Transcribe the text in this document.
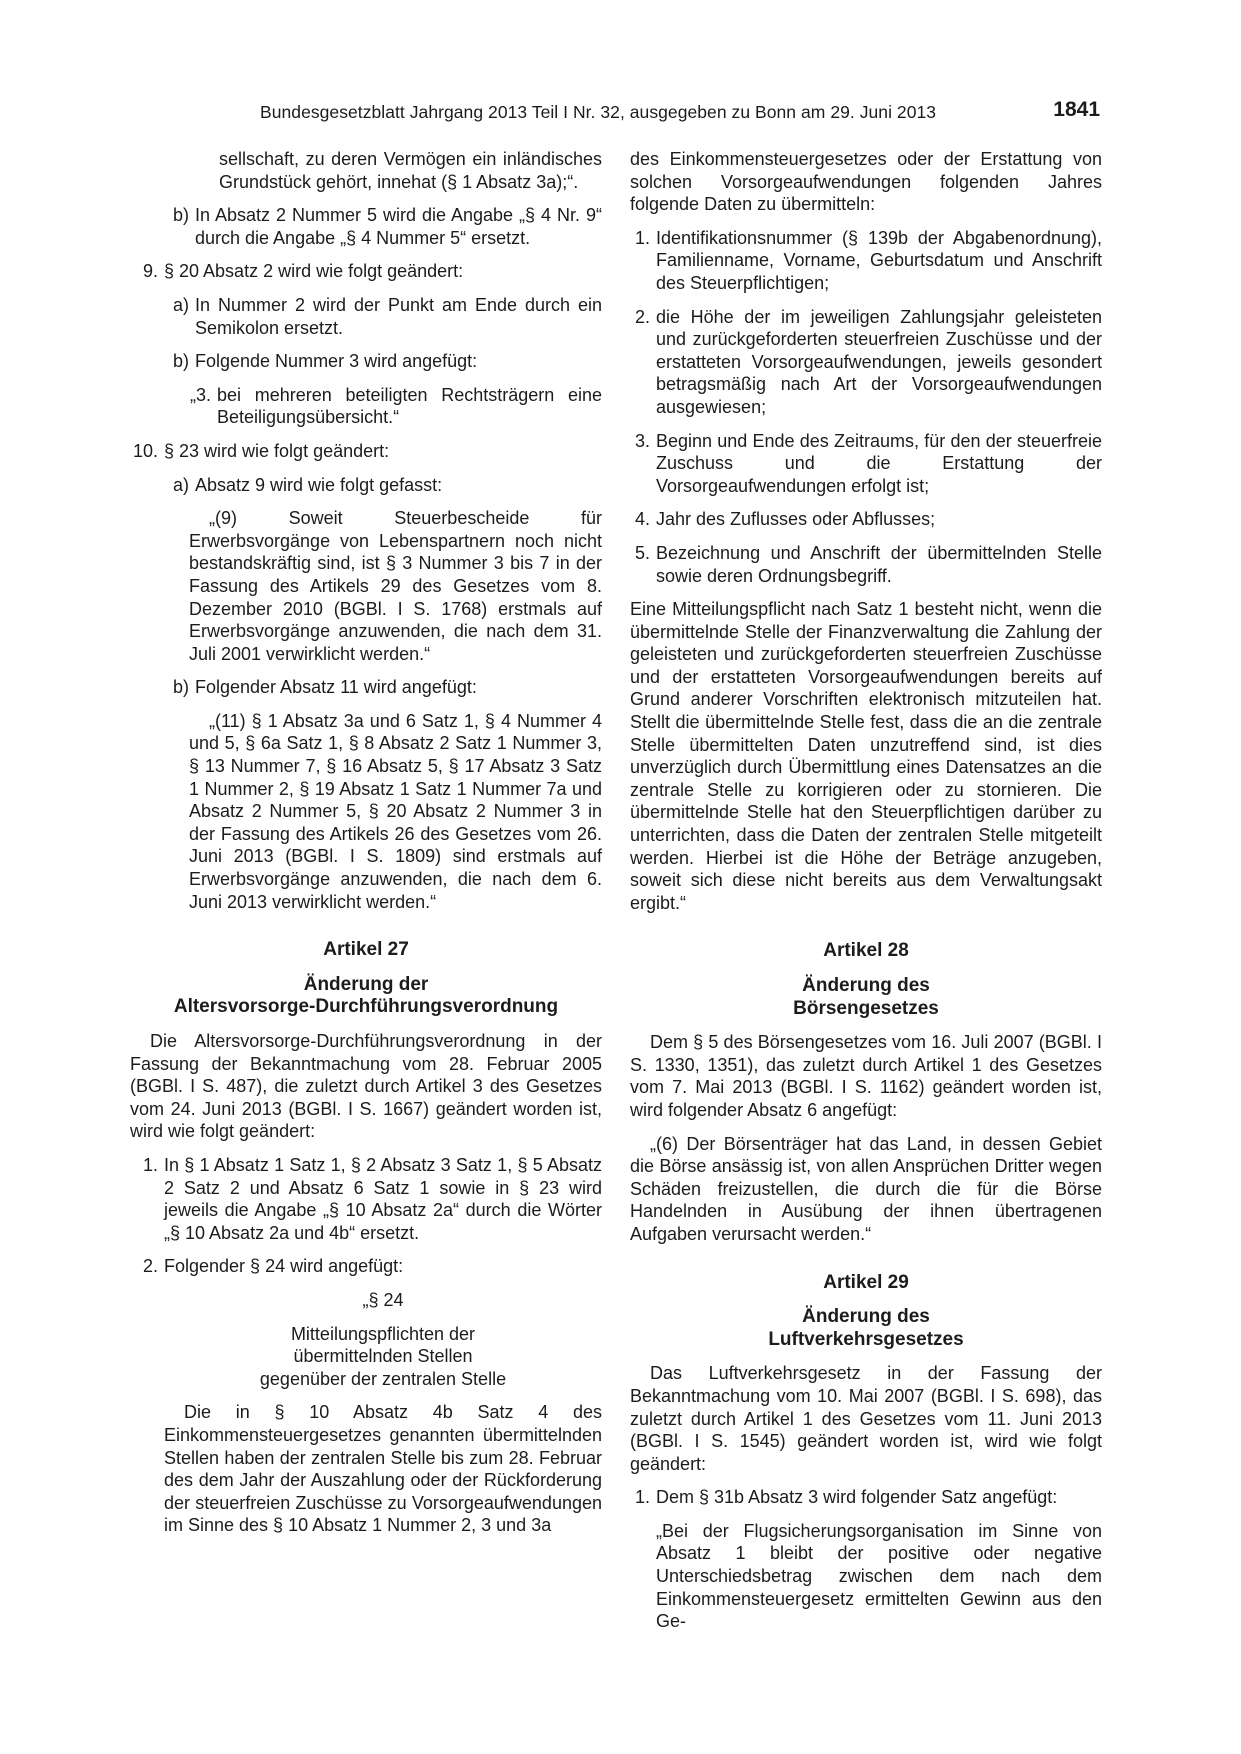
Bundesgesetzblatt Jahrgang 2013 Teil I Nr. 32, ausgegeben zu Bonn am 29. Juni 2013	1841

sellschaft, zu deren Vermögen ein inländisches Grundstück gehört, innehat (§ 1 Absatz 3a);“.

b) In Absatz 2 Nummer 5 wird die Angabe „§ 4 Nr. 9“ durch die Angabe „§ 4 Nummer 5“ ersetzt.
9. § 20 Absatz 2 wird wie folgt geändert:
a) In Nummer 2 wird der Punkt am Ende durch ein Semikolon ersetzt.
b) Folgende Nummer 3 wird angefügt:
„3. bei mehreren beteiligten Rechtsträgern eine Beteiligungsübersicht.“
10. § 23 wird wie folgt geändert:
a) Absatz 9 wird wie folgt gefasst:

„(9) Soweit Steuerbescheide für Erwerbsvorgänge von Lebenspartnern noch nicht bestandskräftig sind, ist § 3 Nummer 3 bis 7 in der Fassung des Artikels 29 des Gesetzes vom 8. Dezember 2010 (BGBl. I S. 1768) erstmals auf Erwerbsvorgänge anzuwenden, die nach dem 31. Juli 2001 verwirklicht werden.“

b) Folgender Absatz 11 wird angefügt:

„(11) § 1 Absatz 3a und 6 Satz 1, § 4 Nummer 4 und 5, § 6a Satz 1, § 8 Absatz 2 Satz 1 Nummer 3, § 13 Nummer 7, § 16 Absatz 5, § 17 Absatz 3 Satz 1 Nummer 2, § 19 Absatz 1 Satz 1 Nummer 7a und Absatz 2 Nummer 5, § 20 Absatz 2 Nummer 3 in der Fassung des Artikels 26 des Gesetzes vom 26. Juni 2013 (BGBl. I S. 1809) sind erstmals auf Erwerbsvorgänge anzuwenden, die nach dem 6. Juni 2013 verwirklicht werden.“

Artikel 27
Änderung der
Altersvorsorge-Durchführungsverordnung

Die Altersvorsorge-Durchführungsverordnung in der Fassung der Bekanntmachung vom 28. Februar 2005 (BGBl. I S. 487), die zuletzt durch Artikel 3 des Gesetzes vom 24. Juni 2013 (BGBl. I S. 1667) geändert worden ist, wird wie folgt geändert:

1. In § 1 Absatz 1 Satz 1, § 2 Absatz 3 Satz 1, § 5 Absatz 2 Satz 2 und Absatz 6 Satz 1 sowie in § 23 wird jeweils die Angabe „§ 10 Absatz 2a“ durch die Wörter „§ 10 Absatz 2a und 4b“ ersetzt.
2. Folgender § 24 wird angefügt:
„§ 24
Mitteilungspflichten der
übermittelnden Stellen
gegenüber der zentralen Stelle

Die in § 10 Absatz 4b Satz 4 des Einkommensteuergesetzes genannten übermittelnden Stellen haben der zentralen Stelle bis zum 28. Februar des dem Jahr der Auszahlung oder der Rückforderung der steuerfreien Zuschüsse zu Vorsorgeaufwendungen im Sinne des § 10 Absatz 1 Nummer 2, 3 und 3a

des Einkommensteuergesetzes oder der Erstattung von solchen Vorsorgeaufwendungen folgenden Jahres folgende Daten zu übermitteln:

1. Identifikationsnummer (§ 139b der Abgabenordnung), Familienname, Vorname, Geburtsdatum und Anschrift des Steuerpflichtigen;
2. die Höhe der im jeweiligen Zahlungsjahr geleisteten und zurückgeforderten steuerfreien Zuschüsse und der erstatteten Vorsorgeaufwendungen, jeweils gesondert betragsmäßig nach Art der Vorsorgeaufwendungen ausgewiesen;
3. Beginn und Ende des Zeitraums, für den der steuerfreie Zuschuss und die Erstattung der Vorsorgeaufwendungen erfolgt ist;
4. Jahr des Zuflusses oder Abflusses;
5. Bezeichnung und Anschrift der übermittelnden Stelle sowie deren Ordnungsbegriff.

Eine Mitteilungspflicht nach Satz 1 besteht nicht, wenn die übermittelnde Stelle der Finanzverwaltung die Zahlung der geleisteten und zurückgeforderten steuerfreien Zuschüsse und der erstatteten Vorsorgeaufwendungen bereits auf Grund anderer Vorschriften elektronisch mitzuteilen hat. Stellt die übermittelnde Stelle fest, dass die an die zentrale Stelle übermittelten Daten unzutreffend sind, ist dies unverzüglich durch Übermittlung eines Datensatzes an die zentrale Stelle zu korrigieren oder zu stornieren. Die übermittelnde Stelle hat den Steuerpflichtigen darüber zu unterrichten, dass die Daten der zentralen Stelle mitgeteilt werden. Hierbei ist die Höhe der Beträge anzugeben, soweit sich diese nicht bereits aus dem Verwaltungsakt ergibt.“

Artikel 28
Änderung des
Börsengesetzes

Dem § 5 des Börsengesetzes vom 16. Juli 2007 (BGBl. I S. 1330, 1351), das zuletzt durch Artikel 1 des Gesetzes vom 7. Mai 2013 (BGBl. I S. 1162) geändert worden ist, wird folgender Absatz 6 angefügt:

„(6) Der Börsenträger hat das Land, in dessen Gebiet die Börse ansässig ist, von allen Ansprüchen Dritter wegen Schäden freizustellen, die durch die für die Börse Handelnden in Ausübung der ihnen übertragenen Aufgaben verursacht werden.“

Artikel 29
Änderung des
Luftverkehrsgesetzes

Das Luftverkehrsgesetz in der Fassung der Bekanntmachung vom 10. Mai 2007 (BGBl. I S. 698), das zuletzt durch Artikel 1 des Gesetzes vom 11. Juni 2013 (BGBl. I S. 1545) geändert worden ist, wird wie folgt geändert:

1. Dem § 31b Absatz 3 wird folgender Satz angefügt:

„Bei der Flugsicherungsorganisation im Sinne von Absatz 1 bleibt der positive oder negative Unterschiedsbetrag zwischen dem nach dem Einkommensteuergesetz ermittelten Gewinn aus den Ge-
